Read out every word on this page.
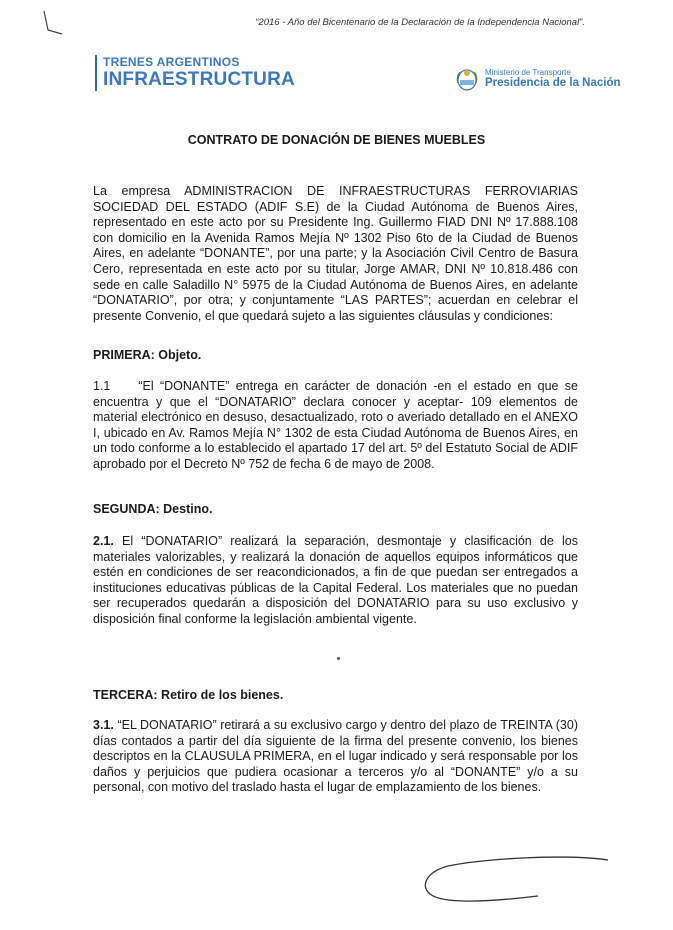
“2016 - Año del Bicentenario de la Declaración de la Independencia Nacional”.
TRENES ARGENTINOS
INFRAESTRUCTURA	Ministerio de Transporte
Presidencia de la Nación
CONTRATO DE DONACIÓN DE BIENES MUEBLES
La empresa ADMINISTRACION DE INFRAESTRUCTURAS FERROVIARIAS SOCIEDAD DEL ESTADO (ADIF S.E) de la Ciudad Autónoma de Buenos Aires, representado en este acto por su Presidente Ing. Guillermo FIAD DNI Nº 17.888.108 con domicilio en la Avenida Ramos Mejía Nº 1302 Piso 6to de la Ciudad de Buenos Aires, en adelante “DONANTE”, por una parte; y la Asociación Civil Centro de Basura Cero, representada en este acto por su titular, Jorge AMAR, DNI Nº 10.818.486 con sede en calle Saladillo N° 5975 de la Ciudad Autónoma de Buenos Aires, en adelante “DONATARIO”, por otra; y conjuntamente “LAS PARTES”; acuerdan en celebrar el presente Convenio, el que quedará sujeto a las siguientes cláusulas y condiciones:
PRIMERA: Objeto.
1.1 “El “DONANTE” entrega en carácter de donación -en el estado en que se encuentra y que el “DONATARIO” declara conocer y aceptar- 109 elementos de material electrónico en desuso, desactualizado, roto o averiado detallado en el ANEXO I, ubicado en Av. Ramos Mejía N° 1302 de esta Ciudad Autónoma de Buenos Aires, en un todo conforme a lo establecido el apartado 17 del art. 5º del Estatuto Social de ADIF aprobado por el Decreto Nº 752 de fecha 6 de mayo de 2008.
SEGUNDA: Destino.
2.1. El “DONATARIO” realizará la separación, desmontaje y clasificación de los materiales valorizables, y realizará la donación de aquellos equipos informáticos que estén en condiciones de ser reacondicionados, a fin de que puedan ser entregados a instituciones educativas públicas de la Capital Federal. Los materiales que no puedan ser recuperados quedarán a disposición del DONATARIO para su uso exclusivo y disposición final conforme la legislación ambiental vigente.
TERCERA: Retiro de los bienes.
3.1. “EL DONATARIO” retirará a su exclusivo cargo y dentro del plazo de TREINTA (30) días contados a partir del día siguiente de la firma del presente convenio, los bienes descriptos en la CLAUSULA PRIMERA, en el lugar indicado y será responsable por los daños y perjuicios que pudiera ocasionar a terceros y/o al “DONANTE” y/o a su personal, con motivo del traslado hasta el lugar de emplazamiento de los bienes.
